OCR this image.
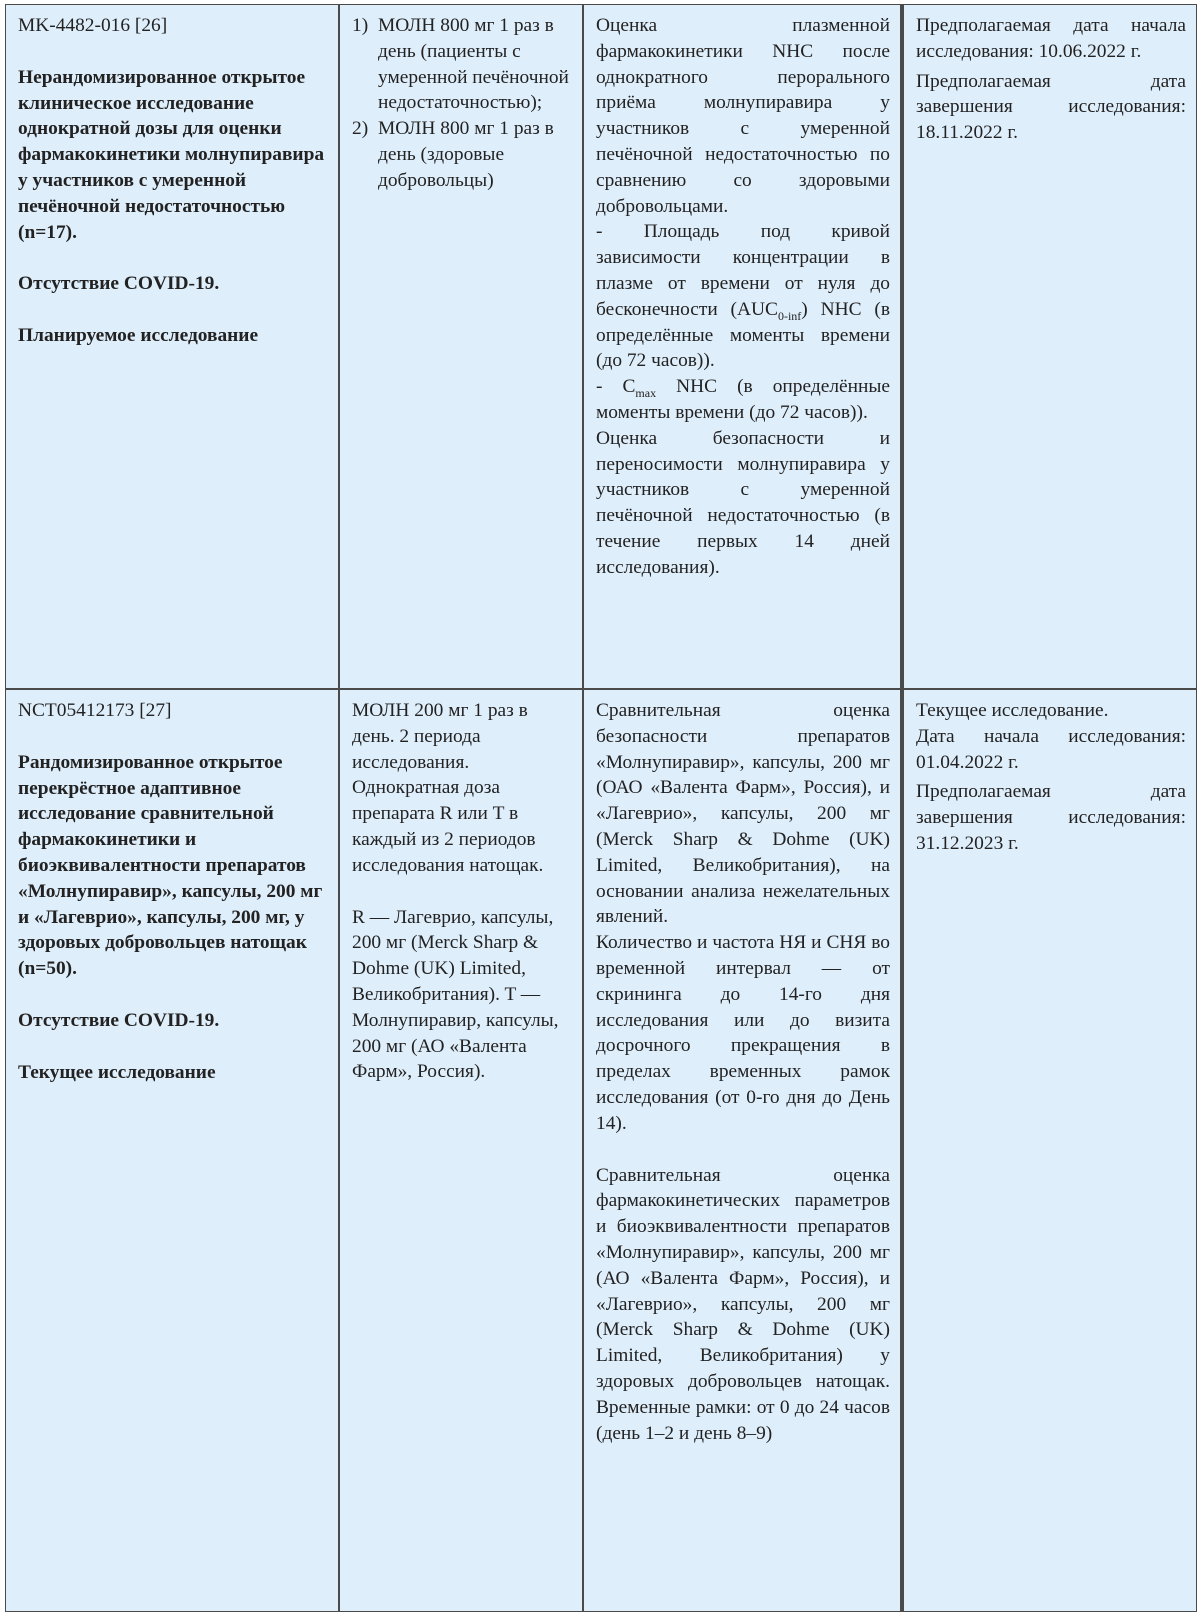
MK-4482-016 [26]

Нерандомизированное открытое клиническое исследование однократной дозы для оценки фармакокинетики молнупиравира у участников с умеренной печёночной недостаточностью (n=17).

Отсутствие COVID-19.

Планируемое исследование

1) МОЛН 800 мг 1 раз в день (пациенты с умеренной печёночной недостаточностью);
2) МОЛН 800 мг 1 раз в день (здоровые добровольцы)

Оценка плазменной фармакокинетики NHC после однократного перорального приёма молнупиравира у участников с умеренной печёночной недостаточностью по сравнению со здоровыми добровольцами.

- Площадь под кривой зависимости концентрации в плазме от времени от нуля до бесконечности $(AUC_{0-inf})$ NHC (в определённые моменты времени (до 72 часов)).

- $C_{max}$ NHC (в определённые моменты времени (до 72 часов)).

Оценка безопасности и переносимости молнупиравира у участников с умеренной печёночной недостаточностью (в течение первых 14 дней исследования).

Предполагаемая дата начала исследования: 10.06.2022 г.

Предполагаемая дата завершения исследования: 18.11.2022 г.

NCT05412173 [27]

Рандомизированное открытое перекрёстное адаптивное исследование сравнительной фармакокинетики и биоэквивалентности препаратов «Молнупиравир», капсулы, 200 мг и «Лагеврио», капсулы, 200 мг, у здоровых добровольцев натощак (n=50).

Отсутствие COVID-19.

Текущее исследование

МОЛН 200 мг 1 раз в день. 2 периода исследования. Однократная доза препарата R или T в каждый из 2 периодов исследования натощак.

R — Лагеврио, капсулы, 200 мг (Merck Sharp & Dohme (UK) Limited, Великобритания). T — Молнупиравир, капсулы, 200 мг (АО «Валента Фарм», Россия).

Сравнительная оценка безопасности препаратов «Молнупиравир», капсулы, 200 мг (ОАО «Валента Фарм», Россия), и «Лагеврио», капсулы, 200 мг (Merck Sharp & Dohme (UK) Limited, Великобритания), на основании анализа нежелательных явлений.

Количество и частота НЯ и СНЯ во временной интервал — от скрининга до 14-го дня исследования или до визита досрочного прекращения в пределах временных рамок исследования (от 0-го дня до День 14).

Сравнительная оценка фармакокинетических параметров и биоэквивалентности препаратов «Молнупиравир», капсулы, 200 мг (АО «Валента Фарм», Россия), и «Лагеврио», капсулы, 200 мг (Merck Sharp & Dohme (UK) Limited, Великобритания) у здоровых добровольцев натощак. Временные рамки: от 0 до 24 часов (день 1–2 и день 8–9)

Текущее исследование.

Дата начала исследования: 01.04.2022 г.

Предполагаемая дата завершения исследования: 31.12.2023 г.
